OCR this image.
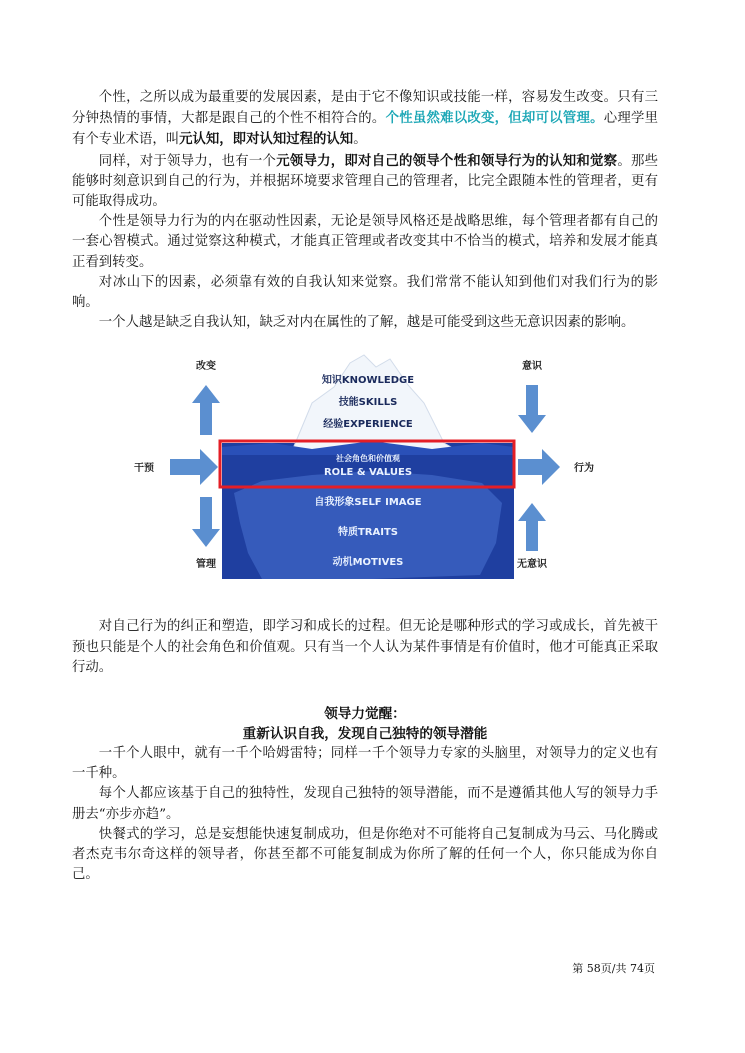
个性，之所以成为最重要的发展因素，是由于它不像知识或技能一样，容易发生改变。只有三分钟热情的事情，大都是跟自己的个性不相符合的。个性虽然难以改变，但却可以管理。心理学里有个专业术语，叫元认知，即对认知过程的认知。

同样，对于领导力，也有一个元领导力，即对自己的领导个性和领导行为的认知和觉察。那些能够时刻意识到自己的行为，并根据环境要求管理自己的管理者，比完全跟随本性的管理者，更有可能取得成功。

个性是领导力行为的内在驱动性因素，无论是领导风格还是战略思维，每个管理者都有自己的一套心智模式。通过觉察这种模式，才能真正管理或者改变其中不恰当的模式，培养和发展才能真正看到转变。

对冰山下的因素，必须靠有效的自我认知来觉察。我们常常不能认知到他们对我们行为的影响。

一个人越是缺乏自我认知，缺乏对内在属性的了解，越是可能受到这些无意识因素的影响。

知识KNOWLEDGE
技能SKILLS
经验EXPERIENCE
社会角色和价值观
ROLE & VALUES
自我形象SELF IMAGE
特质TRAITS
动机MOTIVES
改变
干预
管理
意识
行为
无意识

对自己行为的纠正和塑造，即学习和成长的过程。但无论是哪种形式的学习或成长，首先被干预也只能是个人的社会角色和价值观。只有当一个人认为某件事情是有价值时，他才可能真正采取行动。

领导力觉醒：

重新认识自我，发现自己独特的领导潜能

一千个人眼中，就有一千个哈姆雷特；同样一千个领导力专家的头脑里，对领导力的定义也有一千种。

每个人都应该基于自己的独特性，发现自己独特的领导潜能，而不是遵循其他人写的领导力手册去“亦步亦趋”。

快餐式的学习，总是妄想能快速复制成功，但是你绝对不可能将自己复制成为马云、马化腾或者杰克韦尔奇这样的领导者，你甚至都不可能复制成为你所了解的任何一个人，你只能成为你自己。

第 58页/共 74页
